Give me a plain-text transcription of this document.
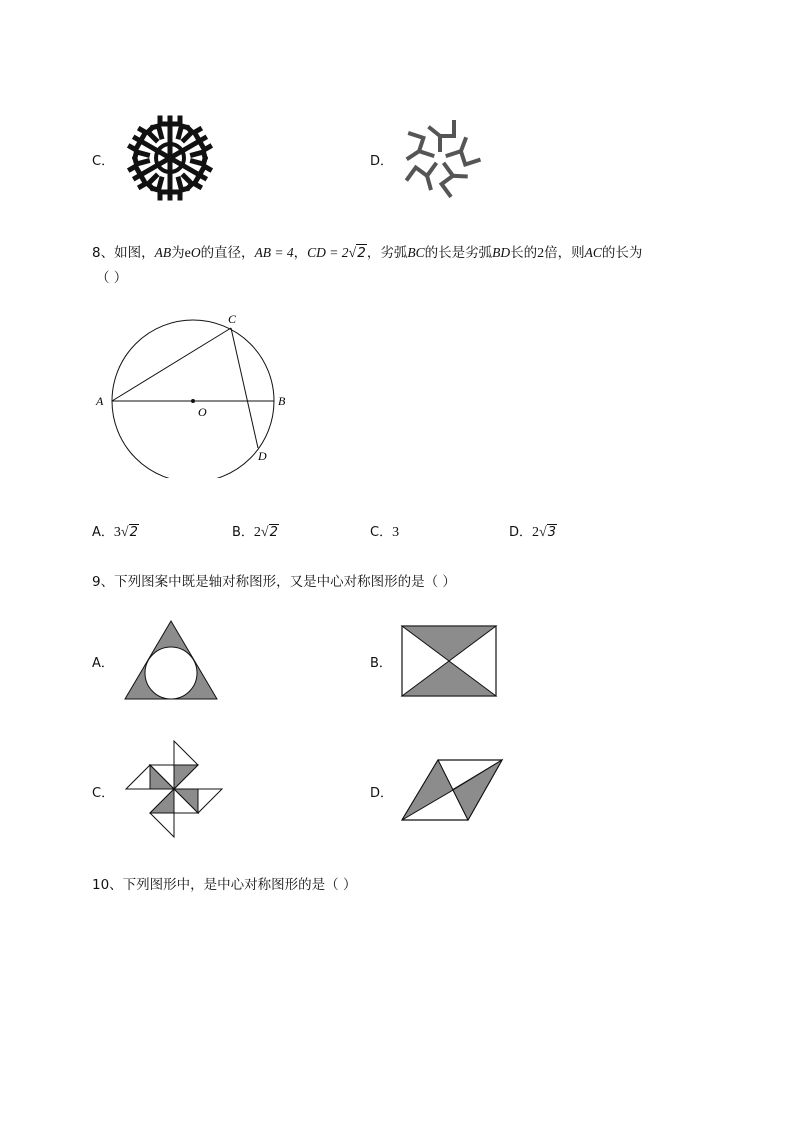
C．	D．
8、如图，AB为eO的直径，AB = 4，CD = 2√2，劣弧BC的长是劣弧BD长的2倍，则AC的长为
（ ）
A	B
C
D
O
A．3√2	B．2√2	C．3	D．2√3
9、下列图案中既是轴对称图形，又是中心对称图形的是（ ）
A．	B．
C．	D．
10、下列图形中，是中心对称图形的是（ ）
